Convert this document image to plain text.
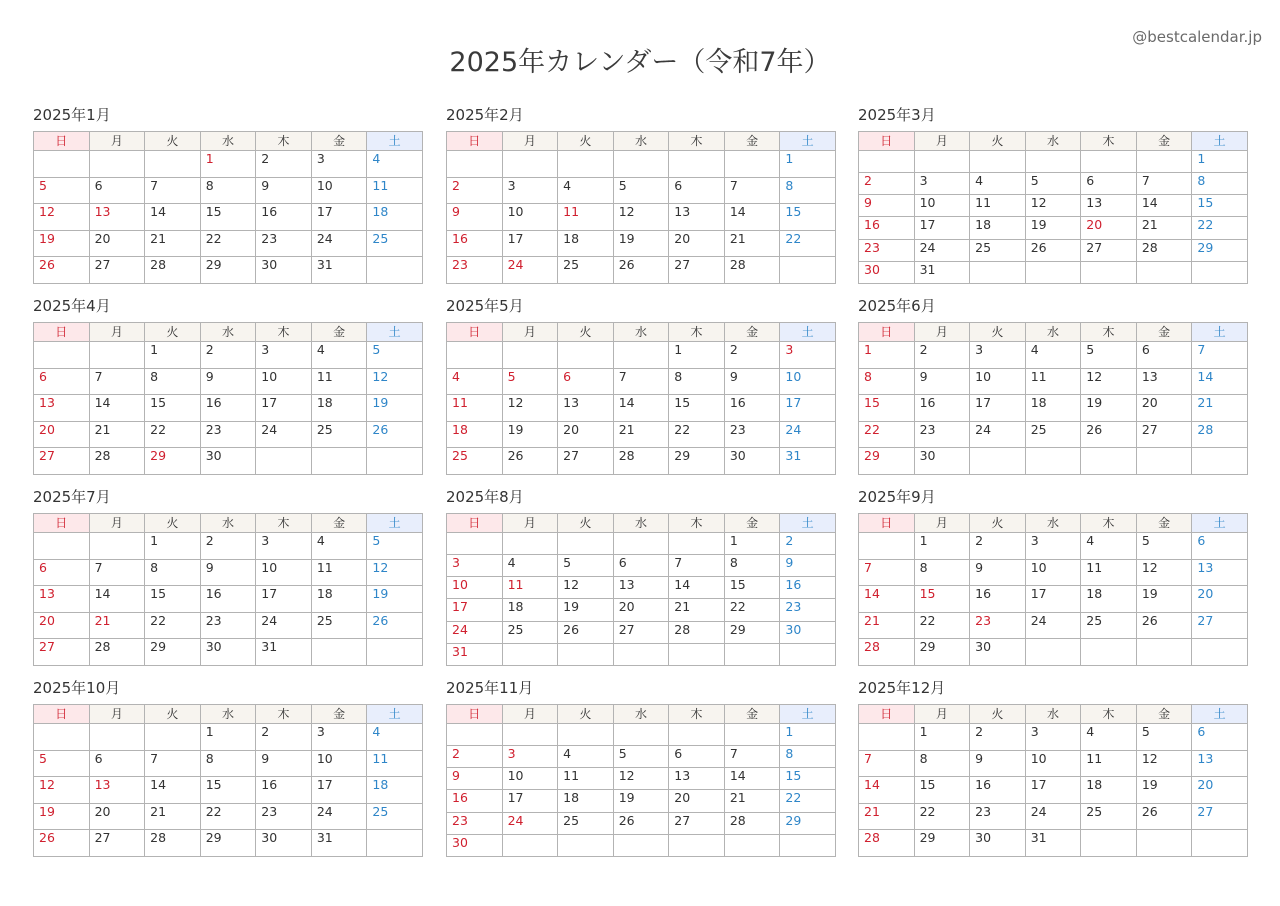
2025年カレンダー（令和7年）
@bestcalendar.jp
2025年1月
日	月	火	水	木	金	土
			1	2	3	4
5	6	7	8	9	10	11
12	13	14	15	16	17	18
19	20	21	22	23	24	25
26	27	28	29	30	31	
2025年2月
日	月	火	水	木	金	土
						1
2	3	4	5	6	7	8
9	10	11	12	13	14	15
16	17	18	19	20	21	22
23	24	25	26	27	28	
2025年3月
日	月	火	水	木	金	土
						1
2	3	4	5	6	7	8
9	10	11	12	13	14	15
16	17	18	19	20	21	22
23	24	25	26	27	28	29
30	31					
2025年4月
日	月	火	水	木	金	土
		1	2	3	4	5
6	7	8	9	10	11	12
13	14	15	16	17	18	19
20	21	22	23	24	25	26
27	28	29	30			
2025年5月
日	月	火	水	木	金	土
				1	2	3
4	5	6	7	8	9	10
11	12	13	14	15	16	17
18	19	20	21	22	23	24
25	26	27	28	29	30	31
2025年6月
日	月	火	水	木	金	土
1	2	3	4	5	6	7
8	9	10	11	12	13	14
15	16	17	18	19	20	21
22	23	24	25	26	27	28
29	30					
2025年7月
日	月	火	水	木	金	土
		1	2	3	4	5
6	7	8	9	10	11	12
13	14	15	16	17	18	19
20	21	22	23	24	25	26
27	28	29	30	31		
2025年8月
日	月	火	水	木	金	土
					1	2
3	4	5	6	7	8	9
10	11	12	13	14	15	16
17	18	19	20	21	22	23
24	25	26	27	28	29	30
31						
2025年9月
日	月	火	水	木	金	土
	1	2	3	4	5	6
7	8	9	10	11	12	13
14	15	16	17	18	19	20
21	22	23	24	25	26	27
28	29	30				
2025年10月
日	月	火	水	木	金	土
			1	2	3	4
5	6	7	8	9	10	11
12	13	14	15	16	17	18
19	20	21	22	23	24	25
26	27	28	29	30	31	
2025年11月
日	月	火	水	木	金	土
						1
2	3	4	5	6	7	8
9	10	11	12	13	14	15
16	17	18	19	20	21	22
23	24	25	26	27	28	29
30						
2025年12月
日	月	火	水	木	金	土
	1	2	3	4	5	6
7	8	9	10	11	12	13
14	15	16	17	18	19	20
21	22	23	24	25	26	27
28	29	30	31			
